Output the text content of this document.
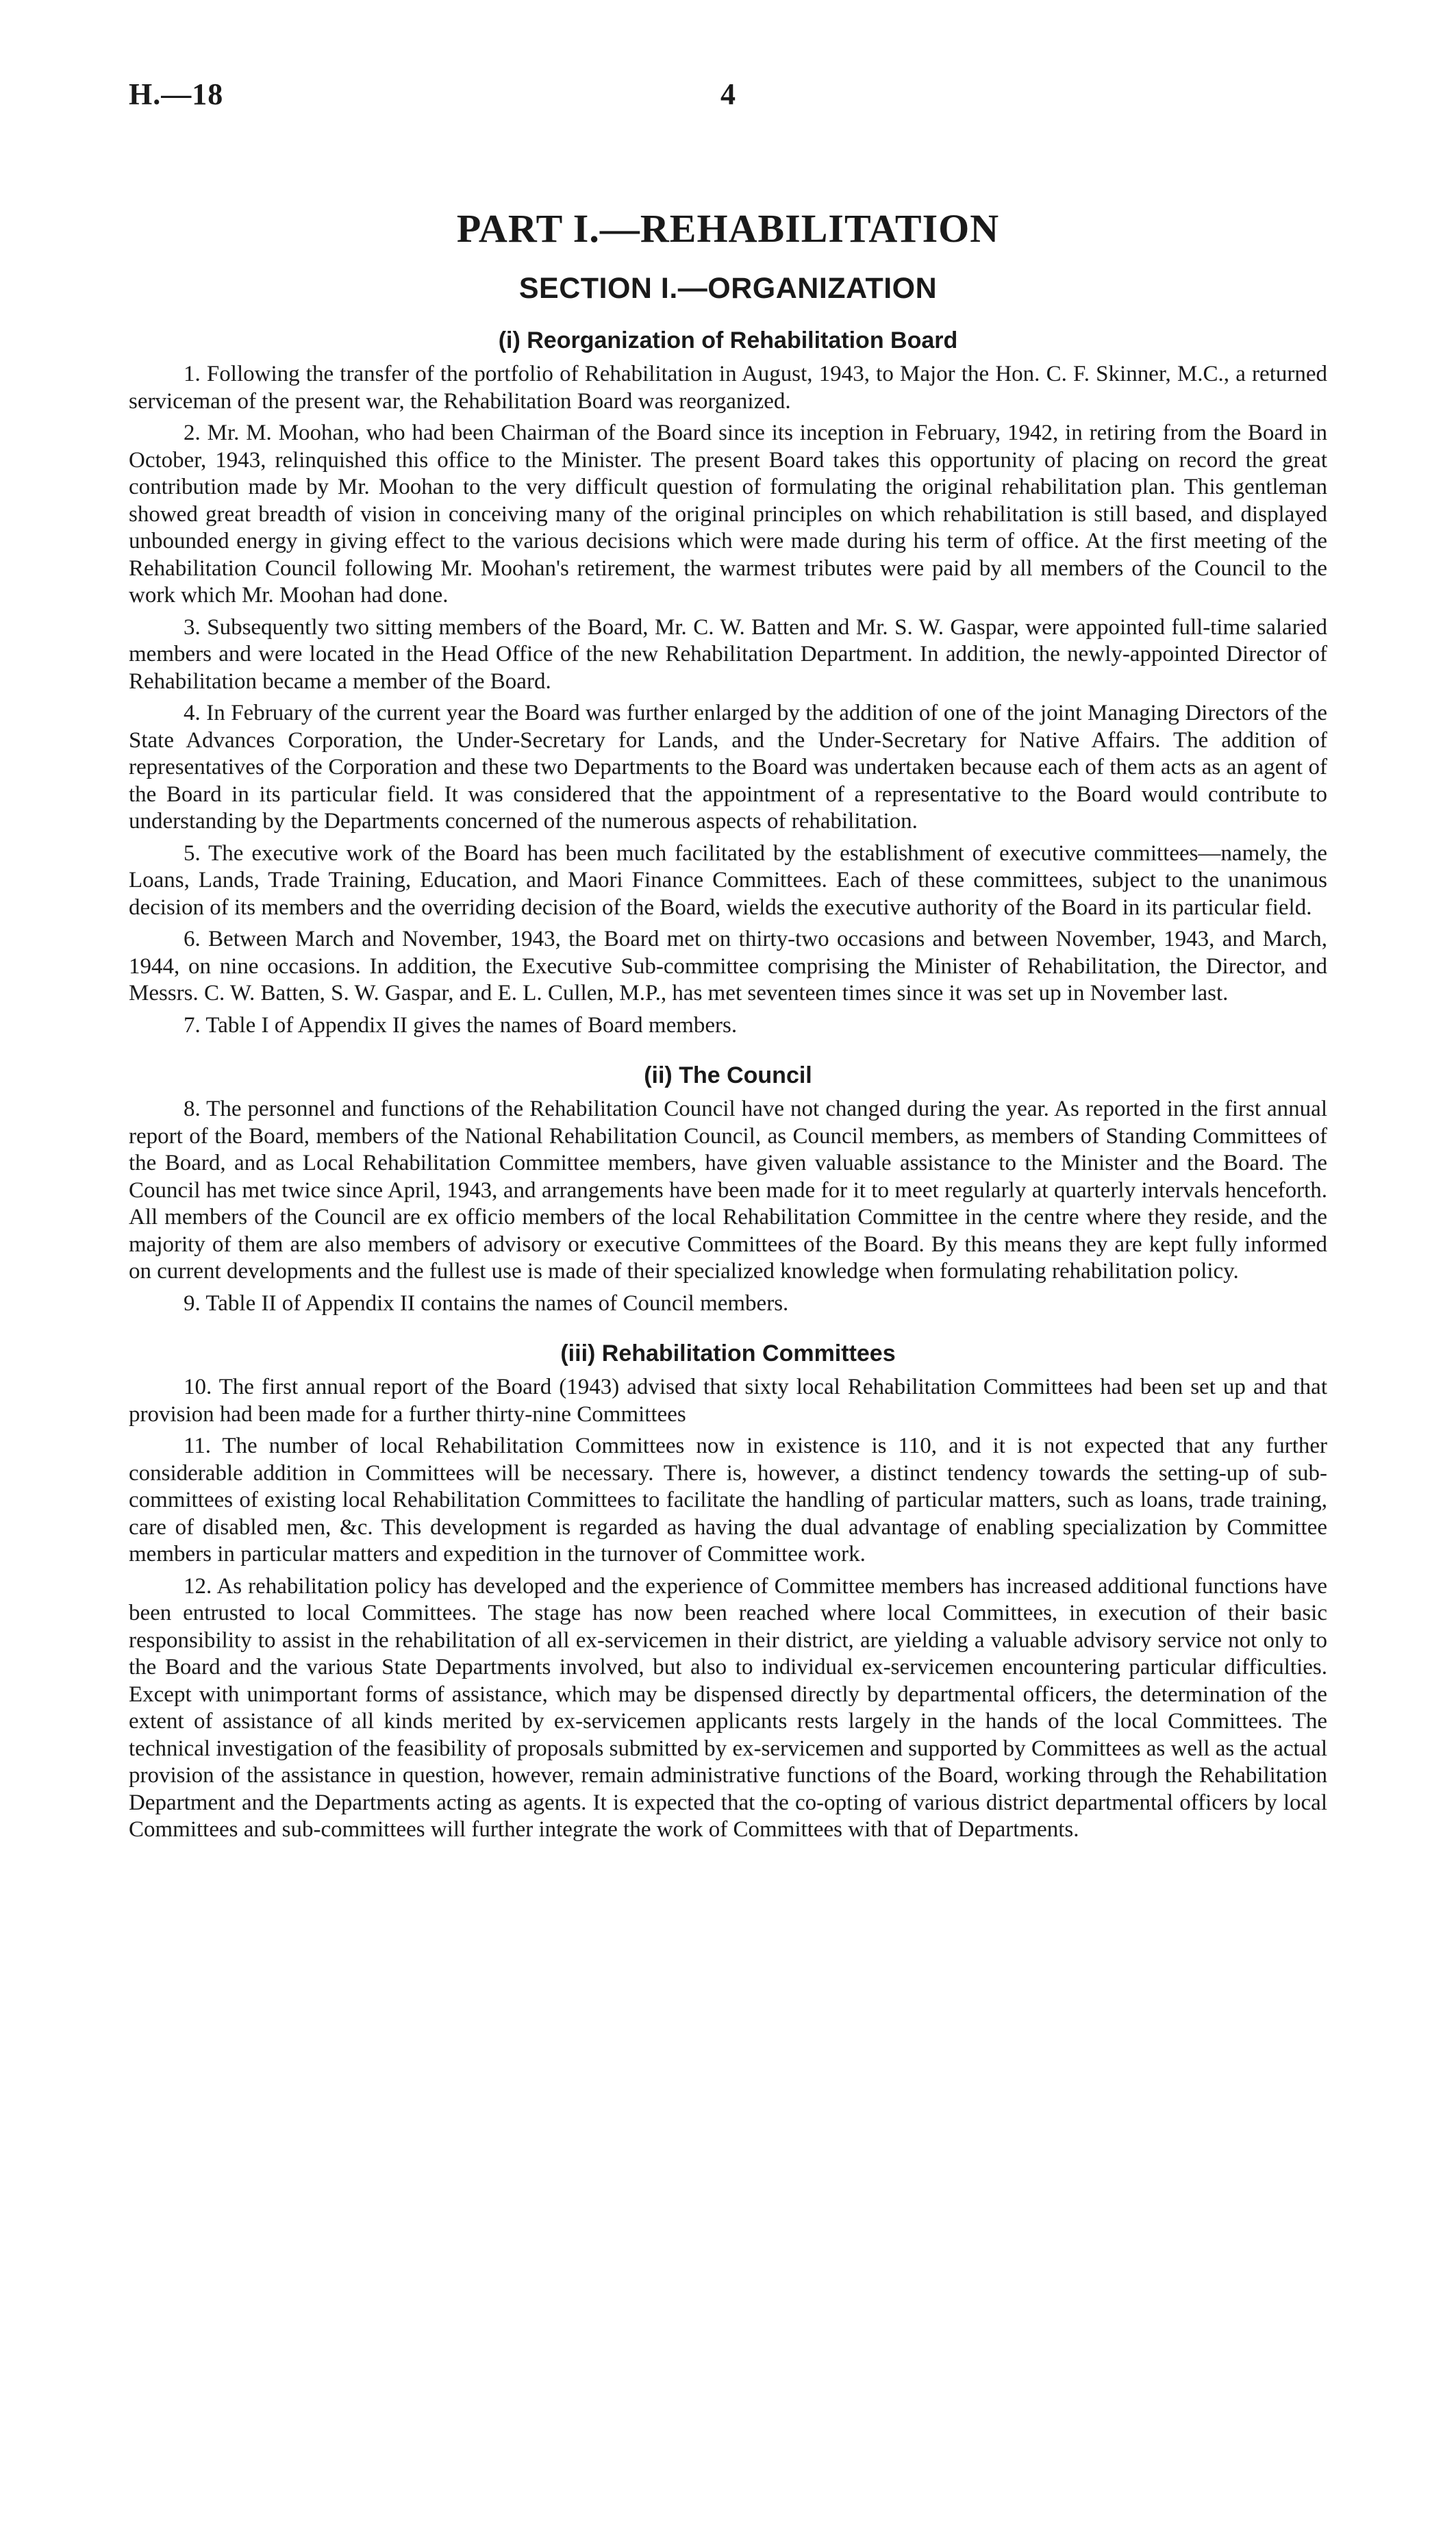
H.—18	4
PART I.—REHABILITATION
SECTION I.—ORGANIZATION
(i) Reorganization of Rehabilitation Board

1. Following the transfer of the portfolio of Rehabilitation in August, 1943, to Major the Hon. C. F. Skinner, M.C., a returned serviceman of the present war, the Rehabilitation Board was reorganized.

2. Mr. M. Moohan, who had been Chairman of the Board since its inception in February, 1942, in retiring from the Board in October, 1943, relinquished this office to the Minister. The present Board takes this opportunity of placing on record the great contribution made by Mr. Moohan to the very difficult question of formulating the original rehabilitation plan. This gentleman showed great breadth of vision in conceiving many of the original principles on which rehabilitation is still based, and displayed unbounded energy in giving effect to the various decisions which were made during his term of office. At the first meeting of the Rehabilitation Council following Mr. Moohan's retirement, the warmest tributes were paid by all members of the Council to the work which Mr. Moohan had done.

3. Subsequently two sitting members of the Board, Mr. C. W. Batten and Mr. S. W. Gaspar, were appointed full-time salaried members and were located in the Head Office of the new Rehabilitation Department. In addition, the newly-appointed Director of Rehabilitation became a member of the Board.

4. In February of the current year the Board was further enlarged by the addition of one of the joint Managing Directors of the State Advances Corporation, the Under-Secretary for Lands, and the Under-Secretary for Native Affairs. The addition of representatives of the Corporation and these two Departments to the Board was undertaken because each of them acts as an agent of the Board in its particular field. It was considered that the appointment of a representative to the Board would contribute to understanding by the Departments concerned of the numerous aspects of rehabilitation.

5. The executive work of the Board has been much facilitated by the establishment of executive committees—namely, the Loans, Lands, Trade Training, Education, and Maori Finance Committees. Each of these committees, subject to the unanimous decision of its members and the overriding decision of the Board, wields the executive authority of the Board in its particular field.

6. Between March and November, 1943, the Board met on thirty-two occasions and between November, 1943, and March, 1944, on nine occasions. In addition, the Executive Sub-committee comprising the Minister of Rehabilitation, the Director, and Messrs. C. W. Batten, S. W. Gaspar, and E. L. Cullen, M.P., has met seventeen times since it was set up in November last.

7. Table I of Appendix II gives the names of Board members.

(ii) The Council

8. The personnel and functions of the Rehabilitation Council have not changed during the year. As reported in the first annual report of the Board, members of the National Rehabilitation Council, as Council members, as members of Standing Committees of the Board, and as Local Rehabilitation Committee members, have given valuable assistance to the Minister and the Board. The Council has met twice since April, 1943, and arrangements have been made for it to meet regularly at quarterly intervals henceforth. All members of the Council are ex officio members of the local Rehabilitation Committee in the centre where they reside, and the majority of them are also members of advisory or executive Committees of the Board. By this means they are kept fully informed on current developments and the fullest use is made of their specialized knowledge when formulating rehabilitation policy.

9. Table II of Appendix II contains the names of Council members.

(iii) Rehabilitation Committees

10. The first annual report of the Board (1943) advised that sixty local Rehabilitation Committees had been set up and that provision had been made for a further thirty-nine Committees

11. The number of local Rehabilitation Committees now in existence is 110, and it is not expected that any further considerable addition in Committees will be necessary. There is, however, a distinct tendency towards the setting-up of sub-committees of existing local Rehabilitation Committees to facilitate the handling of particular matters, such as loans, trade training, care of disabled men, &c. This development is regarded as having the dual advantage of enabling specialization by Committee members in particular matters and expedition in the turnover of Committee work.

12. As rehabilitation policy has developed and the experience of Committee members has increased additional functions have been entrusted to local Committees. The stage has now been reached where local Committees, in execution of their basic responsibility to assist in the rehabilitation of all ex-servicemen in their district, are yielding a valuable advisory service not only to the Board and the various State Departments involved, but also to individual ex-servicemen encountering particular difficulties. Except with unimportant forms of assistance, which may be dispensed directly by departmental officers, the determination of the extent of assistance of all kinds merited by ex-servicemen applicants rests largely in the hands of the local Committees. The technical investigation of the feasibility of proposals submitted by ex-servicemen and supported by Committees as well as the actual provision of the assistance in question, however, remain administrative functions of the Board, working through the Rehabilitation Department and the Departments acting as agents. It is expected that the co-opting of various district departmental officers by local Committees and sub-committees will further integrate the work of Committees with that of Departments.
